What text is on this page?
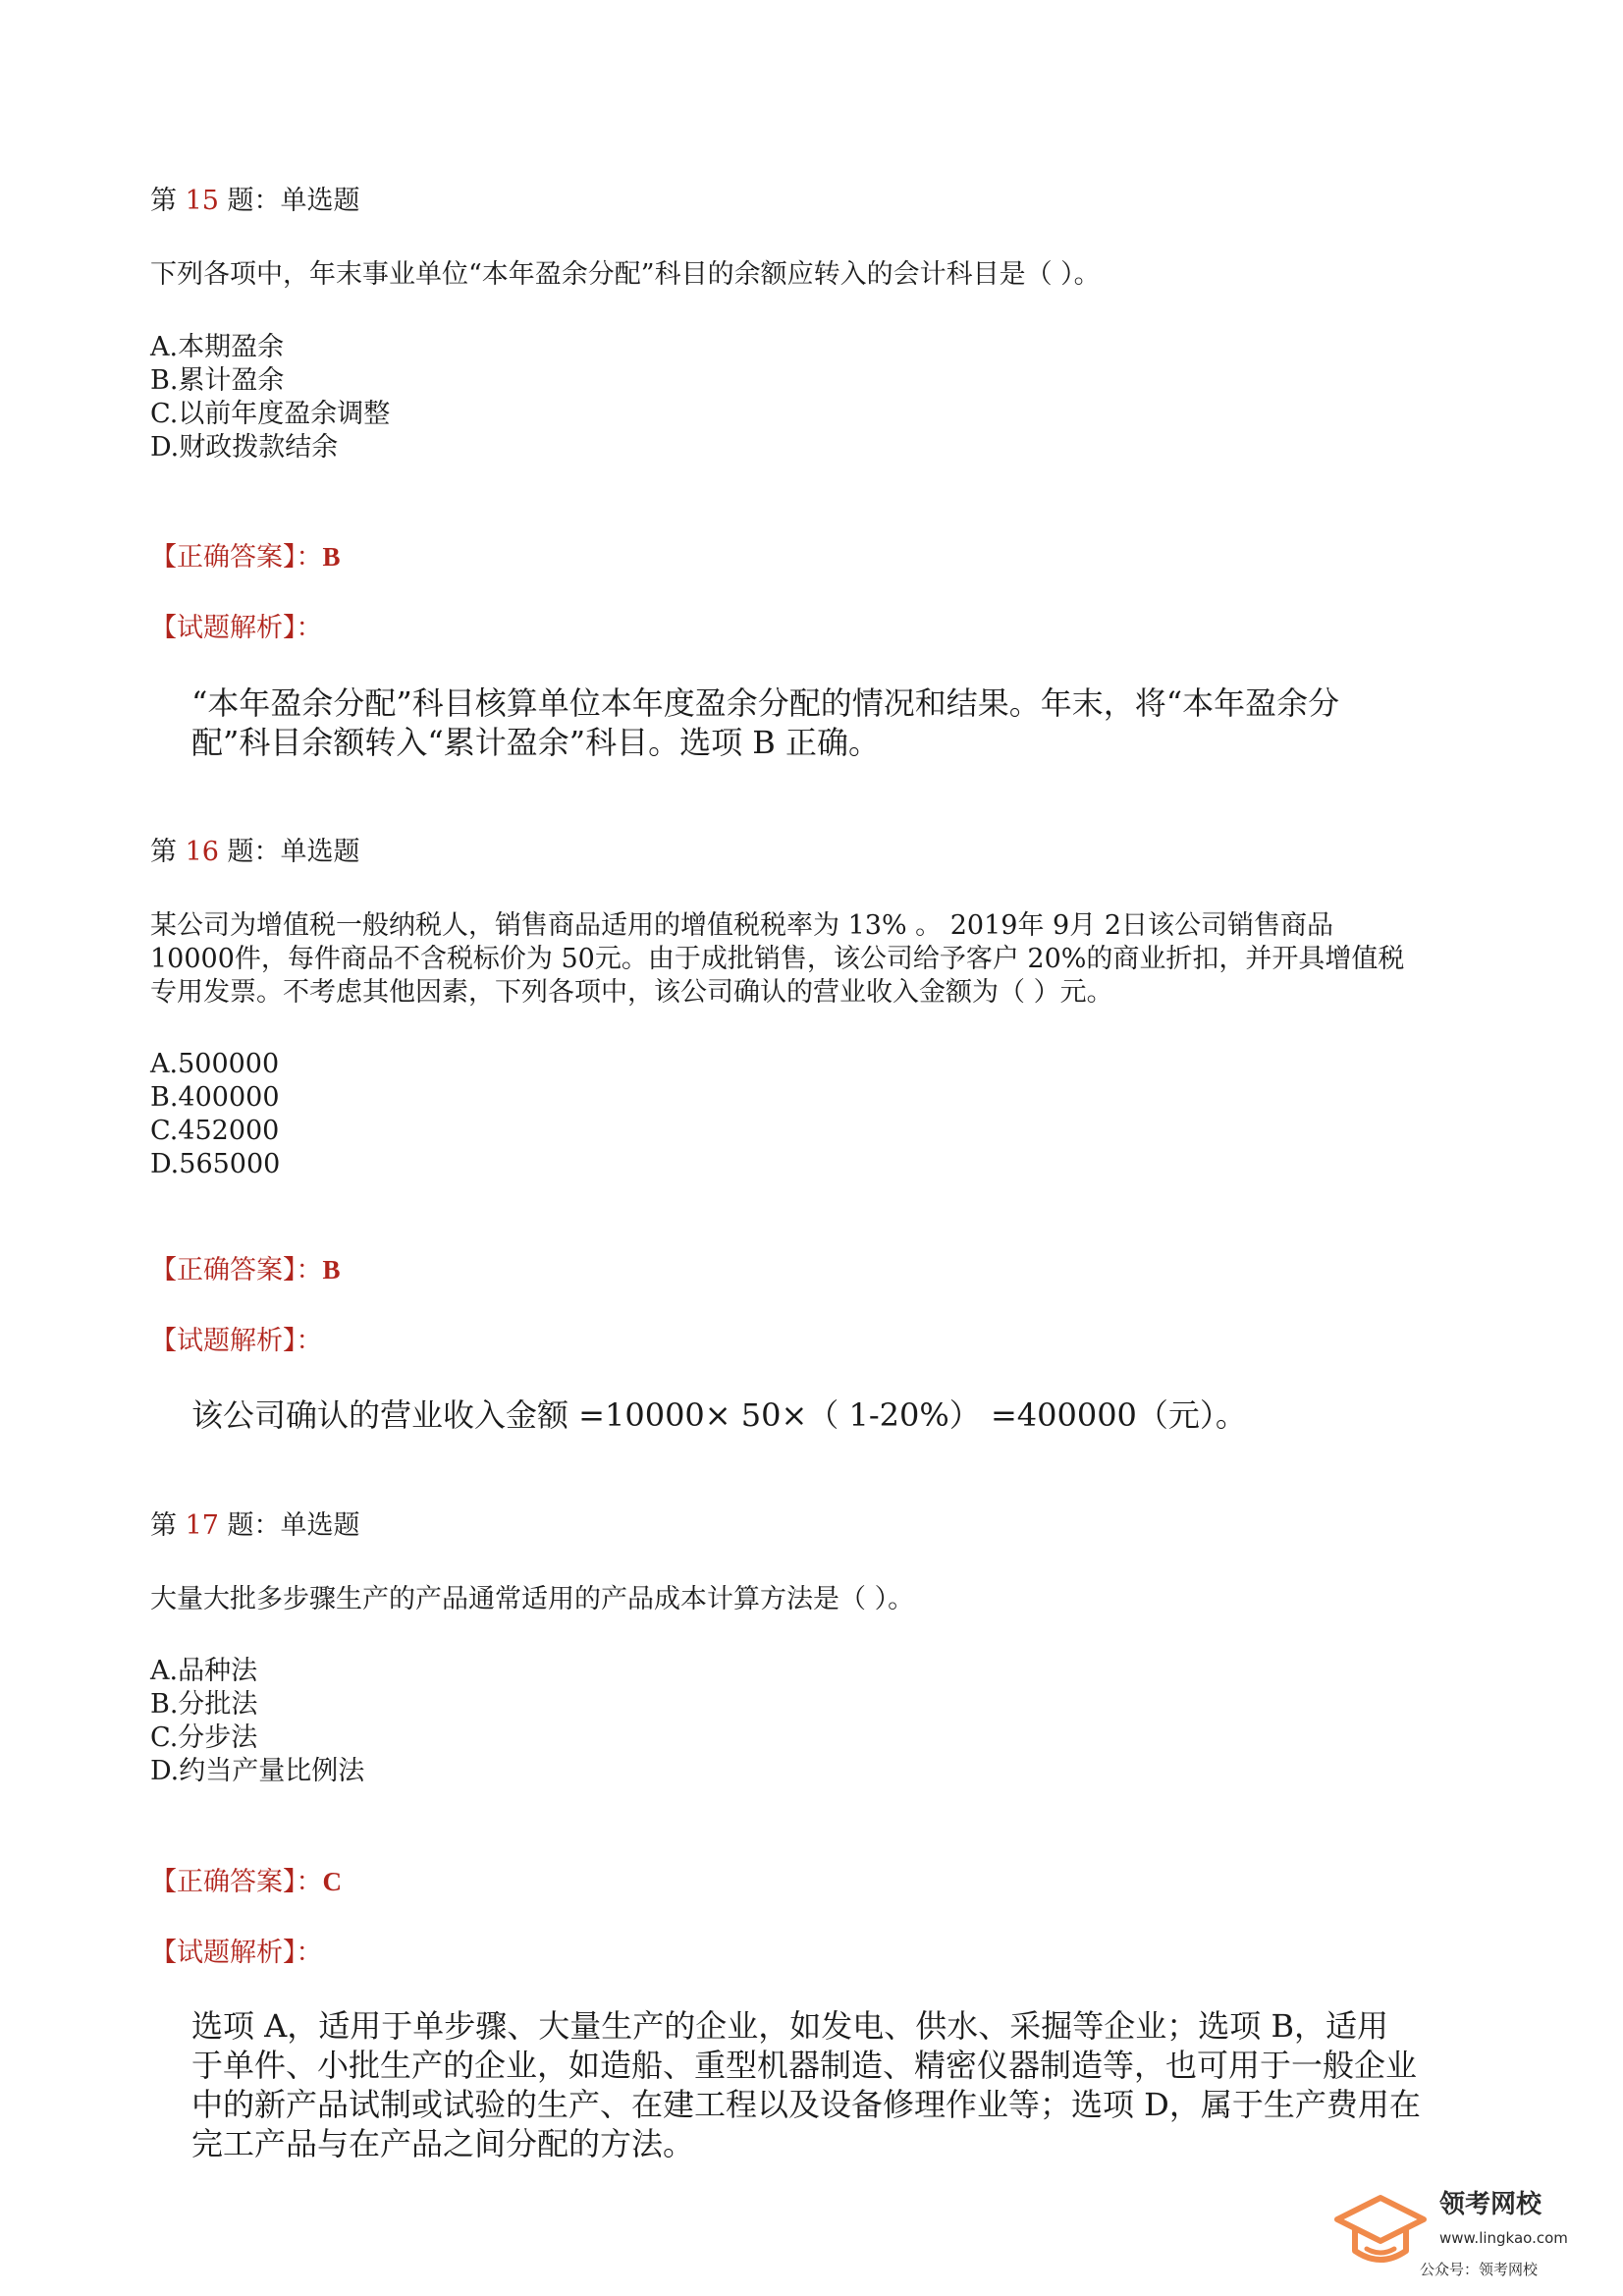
第 15 题：单选题
下列各项中，年末事业单位“本年盈余分配”科目的余额应转入的会计科目是（ ）。
A.本期盈余
B.累计盈余
C.以前年度盈余调整
D.财政拨款结余
【正确答案】：B
【试题解析】：
“本年盈余分配”科目核算单位本年度盈余分配的情况和结果。年末，将“本年盈余分
配”科目余额转入“累计盈余”科目。选项 B 正确。
第 16 题：单选题
某公司为增值税一般纳税人，销售商品适用的增值税税率为 13% 。 2019年 9月 2日该公司销售商品
10000件，每件商品不含税标价为 50元。由于成批销售，该公司给予客户 20%的商业折扣，并开具增值税
专用发票。不考虑其他因素，下列各项中，该公司确认的营业收入金额为（ ）元。
A.500000
B.400000
C.452000
D.565000
【正确答案】：B
【试题解析】：
该公司确认的营业收入金额 =10000× 50×（ 1-20%） =400000（元）。
第 17 题：单选题
大量大批多步骤生产的产品通常适用的产品成本计算方法是（ ）。
A.品种法
B.分批法
C.分步法
D.约当产量比例法
【正确答案】：C
【试题解析】：
选项 A，适用于单步骤、大量生产的企业，如发电、供水、采掘等企业；选项 B，适用
于单件、小批生产的企业，如造船、重型机器制造、精密仪器制造等，也可用于一般企业
中的新产品试制或试验的生产、在建工程以及设备修理作业等；选项 D，属于生产费用在
完工产品与在产品之间分配的方法。
领考网校
www.lingkao.com
公众号：领考网校
